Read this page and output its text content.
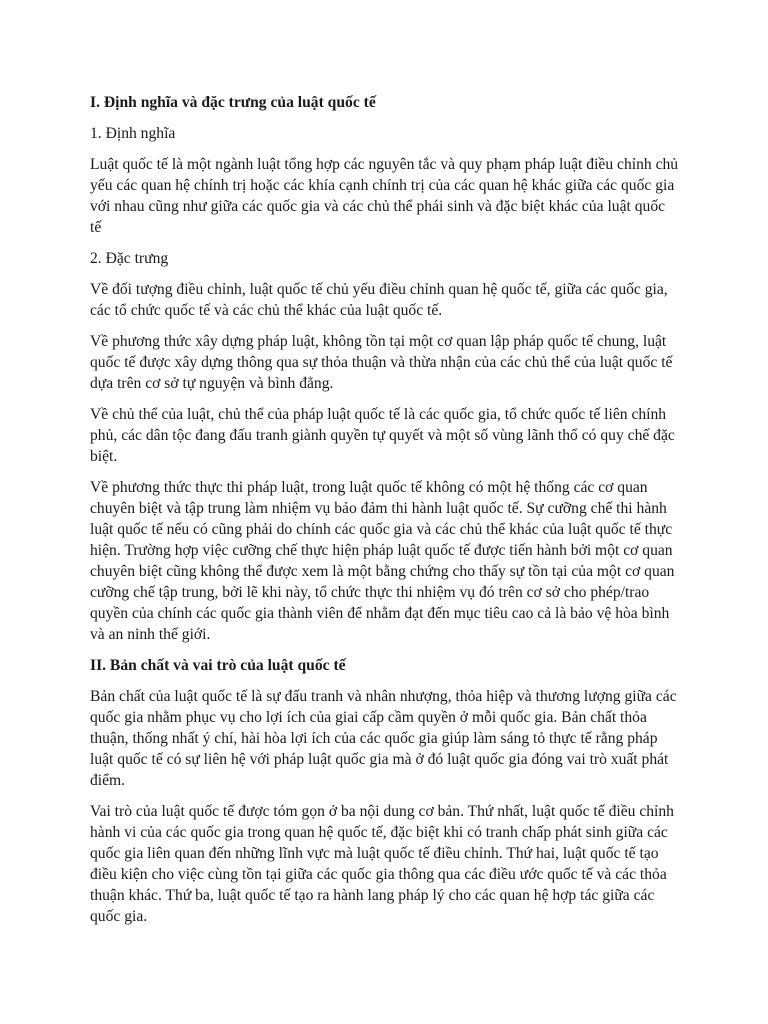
I. Định nghĩa và đặc trưng của luật quốc tế
1. Định nghĩa

Luật quốc tế là một ngành luật tổng hợp các nguyên tắc và quy phạm pháp luật điều chỉnh chủ yếu các quan hệ chính trị hoặc các khía cạnh chính trị của các quan hệ khác giữa các quốc gia với nhau cũng như giữa các quốc gia và các chủ thể phái sinh và đặc biệt khác của luật quốc tế

2. Đặc trưng

Về đối tượng điều chỉnh, luật quốc tế chủ yếu điều chỉnh quan hệ quốc tế, giữa các quốc gia, các tổ chức quốc tế và các chủ thể khác của luật quốc tế.

Về phương thức xây dựng pháp luật, không tồn tại một cơ quan lập pháp quốc tế chung, luật quốc tế được xây dựng thông qua sự thỏa thuận và thừa nhận của các chủ thể của luật quốc tế dựa trên cơ sở tự nguyện và bình đẳng.

Về chủ thể của luật, chủ thể của pháp luật quốc tế là các quốc gia, tổ chức quốc tế liên chính phủ, các dân tộc đang đấu tranh giành quyền tự quyết và một số vùng lãnh thổ có quy chế đặc biệt.

Về phương thức thực thi pháp luật, trong luật quốc tế không có một hệ thống các cơ quan chuyên biệt và tập trung làm nhiệm vụ bảo đảm thi hành luật quốc tế. Sự cưỡng chế thi hành luật quốc tế nếu có cũng phải do chính các quốc gia và các chủ thể khác của luật quốc tế thực hiện. Trường hợp việc cưỡng chế thực hiện pháp luật quốc tế được tiến hành bởi một cơ quan chuyên biệt cũng không thể được xem là một bằng chứng cho thấy sự tồn tại của một cơ quan cưỡng chế tập trung, bởi lẽ khi này, tổ chức thực thi nhiệm vụ đó trên cơ sở cho phép/trao quyền của chính các quốc gia thành viên để nhằm đạt đến mục tiêu cao cả là bảo vệ hòa bình và an ninh thế giới.

II. Bản chất và vai trò của luật quốc tế

Bản chất của luật quốc tế là sự đấu tranh và nhân nhượng, thỏa hiệp và thương lượng giữa các quốc gia nhằm phục vụ cho lợi ích của giai cấp cầm quyền ở mỗi quốc gia. Bản chất thỏa thuận, thống nhất ý chí, hài hòa lợi ích của các quốc gia giúp làm sáng tỏ thực tế rằng pháp luật quốc tế có sự liên hệ với pháp luật quốc gia mà ở đó luật quốc gia đóng vai trò xuất phát điểm.

Vai trò của luật quốc tế được tóm gọn ở ba nội dung cơ bản. Thứ nhất, luật quốc tế điều chỉnh hành vi của các quốc gia trong quan hệ quốc tế, đặc biệt khi có tranh chấp phát sinh giữa các quốc gia liên quan đến những lĩnh vực mà luật quốc tế điều chỉnh. Thứ hai, luật quốc tế tạo điều kiện cho việc cùng tồn tại giữa các quốc gia thông qua các điều ước quốc tế và các thỏa thuận khác. Thứ ba, luật quốc tế tạo ra hành lang pháp lý cho các quan hệ hợp tác giữa các quốc gia.
